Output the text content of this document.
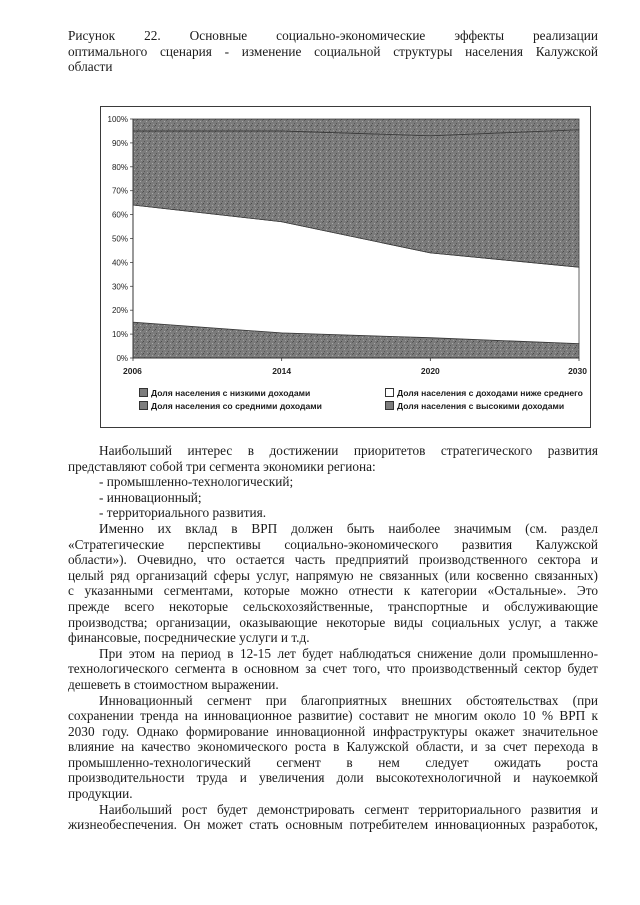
Рисунок 22. Основные социально-экономические эффекты реализации
оптимального сценария - изменение социальной структуры населения Калужской
области
0%
10%
20%
30%
40%
50%
60%
70%
80%
90%
100%
2006	2014	2020	2030
Доля населения с низкими доходами	Доля населения с доходами ниже среднего
Доля населения со средними доходами	Доля населения с высокими доходами

Наибольший интерес в достижении приоритетов стратегического развития

представляют собой три сегмента экономики региона:

- промышленно-технологический;

- инновационный;

- территориального развития.

Именно их вклад в ВРП должен быть наиболее значимым (см. раздел

«Стратегические перспективы социально-экономического развития Калужской

области»). Очевидно, что остается часть предприятий производственного сектора и

целый ряд организаций сферы услуг, напрямую не связанных (или косвенно связанных)

с указанными сегментами, которые можно отнести к категории «Остальные». Это

прежде всего некоторые сельскохозяйственные, транспортные и обслуживающие

производства; организации, оказывающие некоторые виды социальных услуг, а также

финансовые, посреднические услуги и т.д.

При этом на период в 12-15 лет будет наблюдаться снижение доли промышленно-

технологического сегмента в основном за счет того, что производственный сектор будет

дешеветь в стоимостном выражении.

Инновационный сегмент при благоприятных внешних обстоятельствах (при

сохранении тренда на инновационное развитие) составит не многим около 10 % ВРП к

2030 году. Однако формирование инновационной инфраструктуры окажет значительное

влияние на качество экономического роста в Калужской области, и за счет перехода в

промышленно-технологический сегмент в нем следует ожидать роста

производительности труда и увеличения доли высокотехнологичной и наукоемкой

продукции.

Наибольший рост будет демонстрировать сегмент территориального развития и

жизнеобеспечения. Он может стать основным потребителем инновационных разработок,
